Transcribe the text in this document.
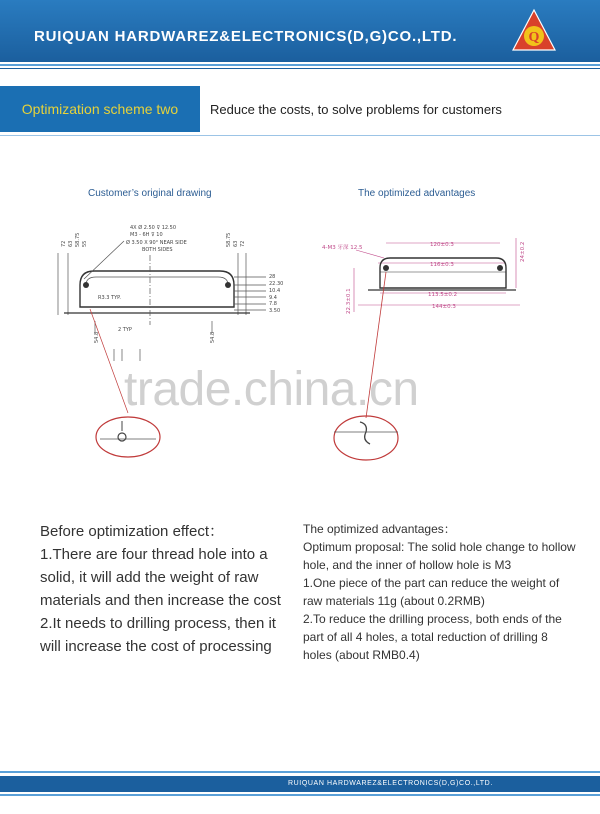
RUIQUAN HARDWAREZ&ELECTRONICS(D,G)CO.,LTD.	Q
Optimization scheme two	Reduce the costs, to solve problems for customers
Customer’s original drawing	The optimized advantages
4X Ø 2.50 ⊽ 12.50
M3 - 6H ⊽ 10
Ø 3.50 X 90° NEAR SIDE
BOTH SIDES
R3.3 TYP.
2 TYP
28
22.30
10.4
9.4
7.8
3.50
72 63 58.75 55	58.75 63 72
54.8	54.8
4-M3 牙深 12.5	120±0.3
116±0.3
113.5±0.2
144±0.3
24±0.2
22.3±0.1
trade.china.cn
Before optimization effect：
1.There are four thread hole into a solid, it will add the weight of raw materials and then increase the cost
2.It needs to drilling process, then it will increase the cost of processing
The optimized advantages：
Optimum proposal: The solid hole change to hollow hole, and the inner of hollow hole is M3
1.One piece of the part can reduce the weight of raw materials 11g (about 0.2RMB)
2.To reduce the drilling process, both ends of the part of all 4 holes, a total reduction of drilling 8 holes (about RMB0.4)
RUIQUAN HARDWAREZ&ELECTRONICS(D,G)CO.,LTD.
